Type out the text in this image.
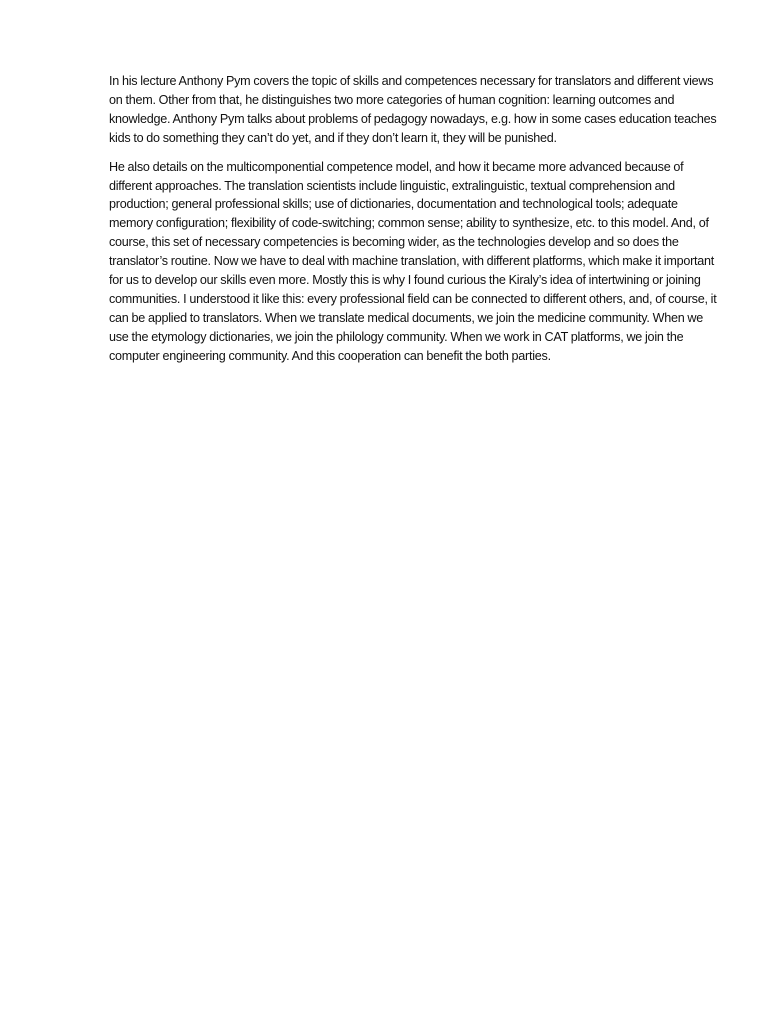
In his lecture Anthony Pym covers the topic of skills and competences necessary for translators and different views on them. Other from that, he distinguishes two more categories of human cognition: learning outcomes and knowledge. Anthony Pym talks about problems of pedagogy nowadays, e.g. how in some cases education teaches kids to do something they can’t do yet, and if they don’t learn it, they will be punished.

He also details on the multicomponential competence model, and how it became more advanced because of different approaches. The translation scientists include linguistic, extralinguistic, textual comprehension and production; general professional skills; use of dictionaries, documentation and technological tools; adequate memory configuration; flexibility of code-switching; common sense; ability to synthesize, etc. to this model. And, of course, this set of necessary competencies is becoming wider, as the technologies develop and so does the translator’s routine. Now we have to deal with machine translation, with different platforms, which make it important for us to develop our skills even more. Mostly this is why I found curious the Kiraly’s idea of intertwining or joining communities. I understood it like this: every professional field can be connected to different others, and, of course, it can be applied to translators. When we translate medical documents, we join the medicine community. When we use the etymology dictionaries, we join the philology community. When we work in CAT platforms, we join the computer engineering community. And this cooperation can benefit the both parties.
